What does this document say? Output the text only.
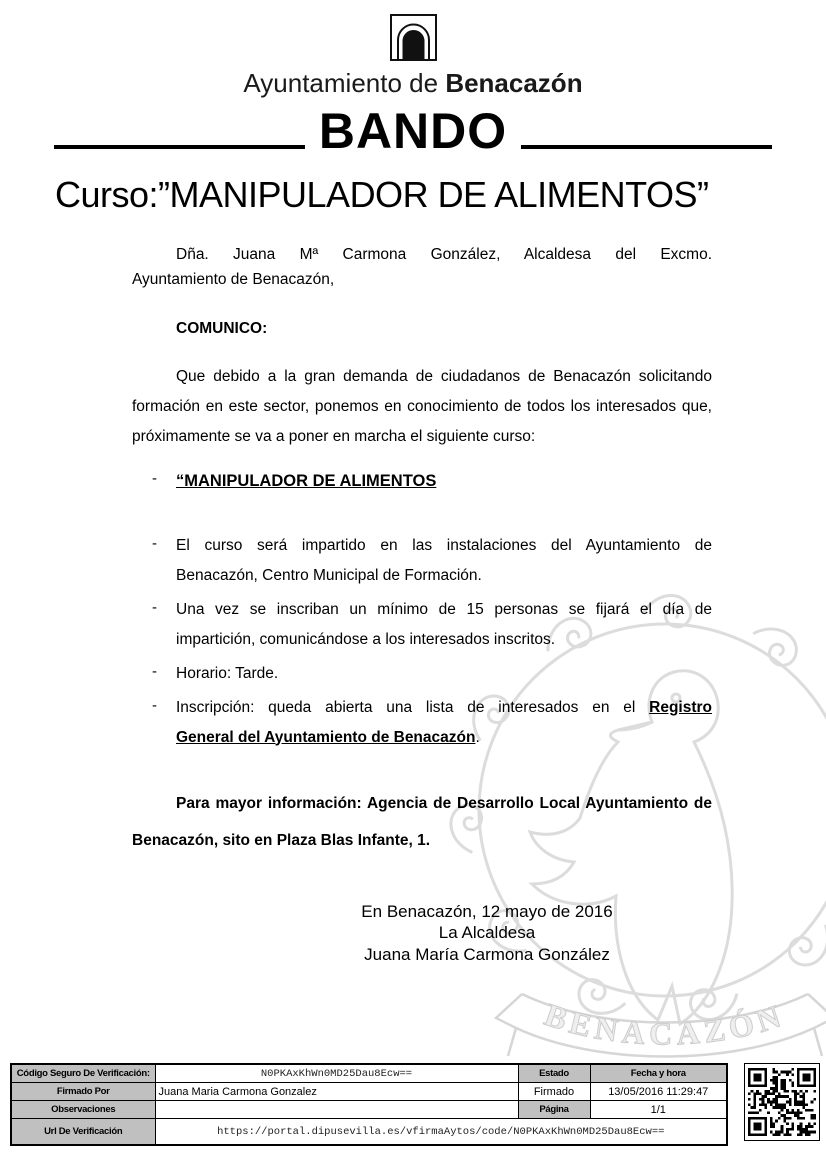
BENACAZÓN
Ayuntamiento de Benacazón
BANDO
Curso:”MANIPULADOR DE ALIMENTOS”
Dña. Juana Mª Carmona González, Alcaldesa del Excmo.
Ayuntamiento de Benacazón,
COMUNICO:
Que debido a la gran demanda de ciudadanos de Benacazón solicitando
formación en este sector, ponemos en conocimiento de todos los interesados que,
próximamente se va a poner en marcha el siguiente curso:
- “MANIPULADOR DE ALIMENTOS
- El curso será impartido en las instalaciones del Ayuntamiento de
Benacazón, Centro Municipal de Formación.
- Una vez se inscriban un mínimo de 15 personas se fijará el día de
impartición, comunicándose a los interesados inscritos.
- Horario: Tarde.
- Inscripción: queda abierta una lista de interesados en el Registro
General del Ayuntamiento de Benacazón.
Para mayor información: Agencia de Desarrollo Local Ayuntamiento de
Benacazón, sito en Plaza Blas Infante, 1.
En Benacazón, 12 mayo de 2016
La Alcaldesa
Juana María Carmona González
Código Seguro De Verificación:	N0PKAxKhWn0MD25Dau8Ecw==	Estado	Fecha y hora
Firmado Por	Juana Maria Carmona Gonzalez	Firmado	13/05/2016 11:29:47
Observaciones		Página	1/1
Url De Verificación	https://portal.dipusevilla.es/vfirmaAytos/code/N0PKAxKhWn0MD25Dau8Ecw==		
